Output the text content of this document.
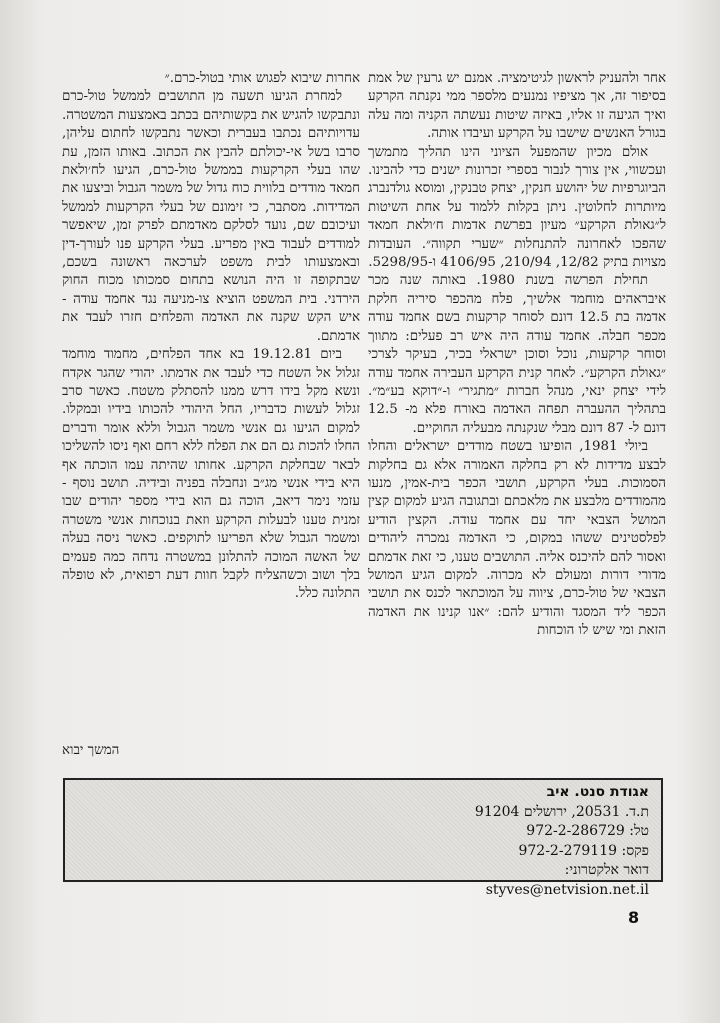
אחר ולהעניק לראשון לגיטימציה. אמנם יש גרעין של אמת בסיפור זה, אך מציפיו נמנעים מלספר ממי נקנתה הקרקע ואיך הגיעה זו אליו, באיזה שיטות נעשתה הקניה ומה עלה בגורל האנשים שישבו על הקרקע ועיבדו אותה.

אולם מכיון שהמפעל הציוני הינו תהליך מתמשך ועכשווי, אין צורך לנבור בספרי זכרונות ישנים כדי להבינו. הביוגרפיות של יהושע חנקין, יצחק טבנקין, ומוסא גולדנברג מיותרות לחלוטין. ניתן בקלות ללמוד על אחת השיטות ל״גאולת הקרקע״ מעיון בפרשת אדמות ח׳ולאת חמאד שהפכו לאחרונה להתנחלות ״שערי תקווה״. העובדות מצויות בתיק 12/82, 210/94, 4106/95 ו-5298/95.

תחילת הפרשה בשנת 1980. באותה שנה מכר איבראהים מוחמד אלשיך, פלח מהכפר סיריה חלקת אדמה בת 12.5 דונם לסוחר קרקעות בשם אחמד עודה מכפר חבלה. אחמד עודה היה איש רב פעלים: מתווך וסוחר קרקעות, נוכל וסוכן ישראלי בכיר, בעיקר לצרכי ״גאולת הקרקע״. לאחר קנית הקרקע העבירה אחמד עודה לידי יצחק ינאי, מנהל חברות ״מתגיר״ ו-״דוקא בע״מ״. בתהליך ההעברה תפחה האדמה באורח פלא מ- 12.5 דונם ל- 87 דונם מבלי שנקנתה מבעליה החוקיים.

ביולי 1981, הופיעו בשטח מודדים ישראלים והחלו לבצע מדידות לא רק בחלקה האמורה אלא גם בחלקות הסמוכות. בעלי הקרקע, תושבי הכפר בית-אמין, מנעו מהמודדים מלבצע את מלאכתם ובתגובה הגיע למקום קצין המושל הצבאי יחד עם אחמד עודה. הקצין הודיע לפלסטינים ששהו במקום, כי האדמה נמכרה ליהודים ואסור להם להיכנס אליה. התושבים טענו, כי זאת אדמתם מדורי דורות ומעולם לא מכרוה. למקום הגיע המושל הצבאי של טול-כרם, ציווה על המוכתאר לכנס את תושבי הכפר ליד המסגד והודיע להם: ״אנו קנינו את האדמה הזאת ומי שיש לו הוכחות

אחרות שיבוא לפגוש אותי בטול-כרם.״

למחרת הגיעו תשעה מן התושבים לממשל טול-כרם ונתבקשו להגיש את בקשותיהם בכתב באמצעות המשטרה. עדויותיהם נכתבו בעברית וכאשר נתבקשו לחתום עליהן, סרבו בשל אי-יכולתם להבין את הכתוב. באותו הזמן, עת שהו בעלי הקרקעות בממשל טול-כרם, הגיעו לח׳ולאת חמאד מודדים בלווית כוח גדול של משמר הגבול וביצעו את המדידות. מסתבר, כי זימונם של בעלי הקרקעות לממשל ועיכובם שם, נועד לסלקם מאדמתם לפרק זמן, שיאפשר למודדים לעבוד באין מפריע. בעלי הקרקע פנו לעורך-דין ובאמצעותו לבית משפט לערכאה ראשונה בשכם, שבתקופה זו היה הנושא בתחום סמכותו מכוח החוק הירדני. בית המשפט הוציא צו-מניעה נגד אחמד עודה - איש הקש שקנה את האדמה והפלחים חזרו לעבד את אדמתם.

ביום 19.12.81 בא אחד הפלחים, מחמוד מוחמד זגלול אל השטח כדי לעבד את אדמתו. יהודי שהגר אקדח ונשא מקל בידו דרש ממנו להסתלק משטח. כאשר סרב זגלול לעשות כדבריו, החל היהודי להכותו בידיו ובמקלו. למקום הגיעו גם אנשי משמר הגבול וללא אומר ודברים החלו להכות גם הם את הפלח ללא רחם ואף ניסו להשליכו לבאר שבחלקת הקרקע. אחותו שהיתה עמו הוכתה אף היא בידי אנשי מג״ב ונחבלה בפניה ובידיה. תושב נוסף - עזמי נימר דיאב, הוכה גם הוא בידי מספר יהודים שבו זמנית טענו לבעלות הקרקע וזאת בנוכחות אנשי משטרה ומשמר הגבול שלא הפריעו לתוקפים. כאשר ניסה בעלה של האשה המוכה להתלונן במשטרה נדחה כמה פעמים בלך ושוב וכשהצליח לקבל חוות דעת רפואית, לא טופלה התלונה כלל.

המשך יבוא
אגודת סנט. איב
ת.ד. 20531, ירושלים 91204
טל: 972-2-286729
פקס: 972-2-279119
דואר אלקטרוני: styves@netvision.net.il
8
